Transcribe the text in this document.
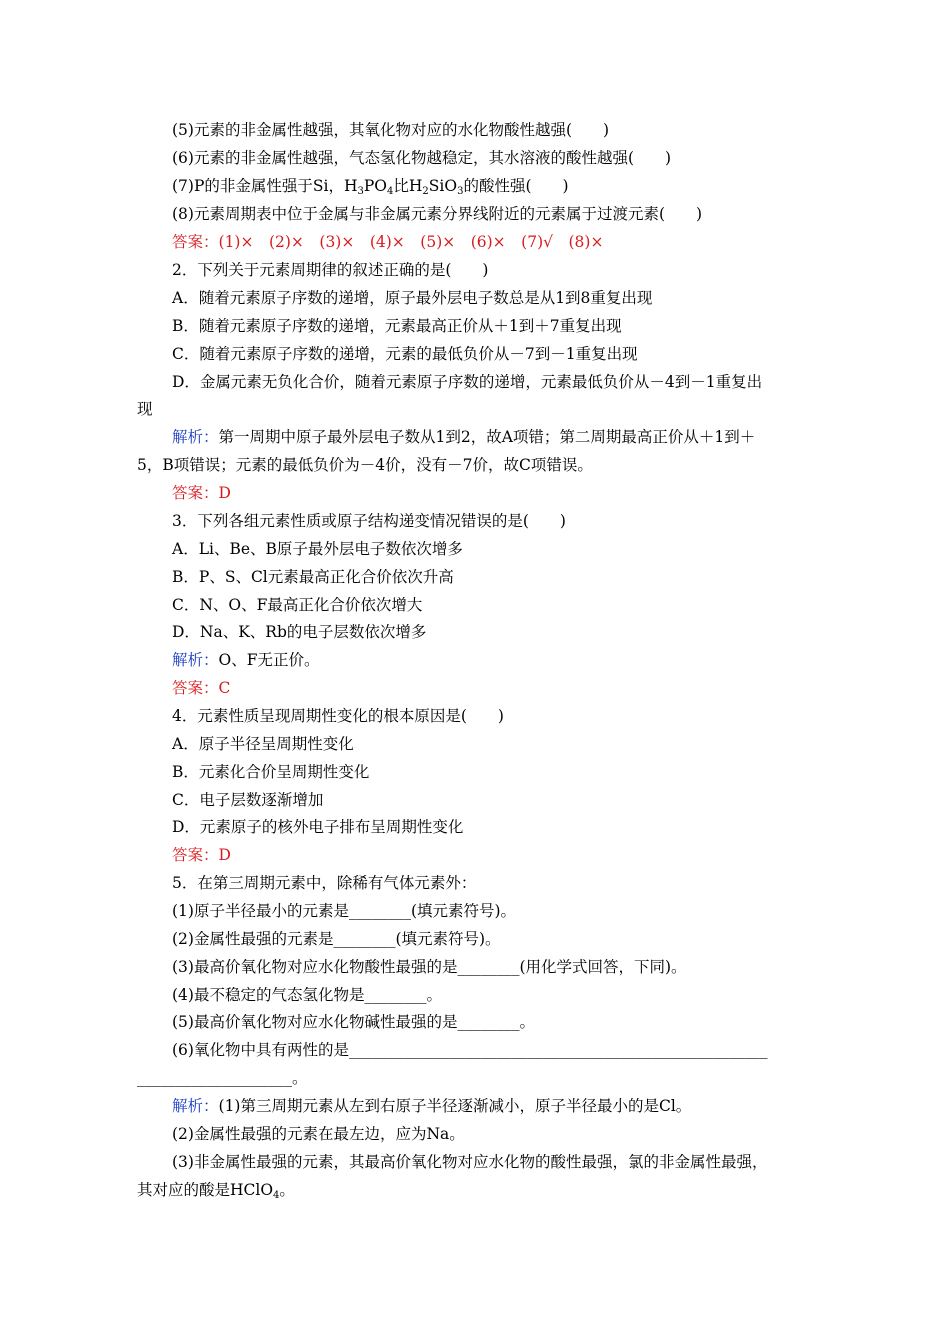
(5)元素的非金属性越强，其氧化物对应的水化物酸性越强(　　)
(6)元素的非金属性越强，气态氢化物越稳定，其水溶液的酸性越强(　　)
(7)P的非金属性强于Si，$H_3PO_4$比$H_2SiO_3$的酸性强(　　)
(8)元素周期表中位于金属与非金属元素分界线附近的元素属于过渡元素(　　)
答案：(1)×　(2)×　(3)×　(4)×　(5)×　(6)×　(7)√　(8)×
2．下列关于元素周期律的叙述正确的是(　　)
A．随着元素原子序数的递增，原子最外层电子数总是从1到8重复出现
B．随着元素原子序数的递增，元素最高正价从＋1到＋7重复出现
C．随着元素原子序数的递增，元素的最低负价从－7到－1重复出现
D．金属元素无负化合价，随着元素原子序数的递增，元素最低负价从－4到－1重复出
现
解析：第一周期中原子最外层电子数从1到2，故A项错；第二周期最高正价从＋1到＋
5，B项错误；元素的最低负价为－4价，没有－7价，故C项错误。
答案：D
3．下列各组元素性质或原子结构递变情况错误的是(　　)
A．Li、Be、B原子最外层电子数依次增多
B．P、S、Cl元素最高正化合价依次升高
C．N、O、F最高正化合价依次增大
D．Na、K、Rb的电子层数依次增多
解析：O、F无正价。
答案：C
4．元素性质呈现周期性变化的根本原因是(　　)
A．原子半径呈周期性变化
B．元素化合价呈周期性变化
C．电子层数逐渐增加
D．元素原子的核外电子排布呈周期性变化
答案：D
5．在第三周期元素中，除稀有气体元素外：
(1)原子半径最小的元素是________(填元素符号)。
(2)金属性最强的元素是________(填元素符号)。
(3)最高价氧化物对应水化物酸性最强的是________(用化学式回答，下同)。
(4)最不稳定的气态氢化物是________。
(5)最高价氧化物对应水化物碱性最强的是________。
(6)氧化物中具有两性的是______________________________________________________
____________________。
解析：(1)第三周期元素从左到右原子半径逐渐减小，原子半径最小的是Cl。
(2)金属性最强的元素在最左边，应为Na。
(3)非金属性最强的元素，其最高价氧化物对应水化物的酸性最强，氯的非金属性最强，
其对应的酸是HClO$_4$。
